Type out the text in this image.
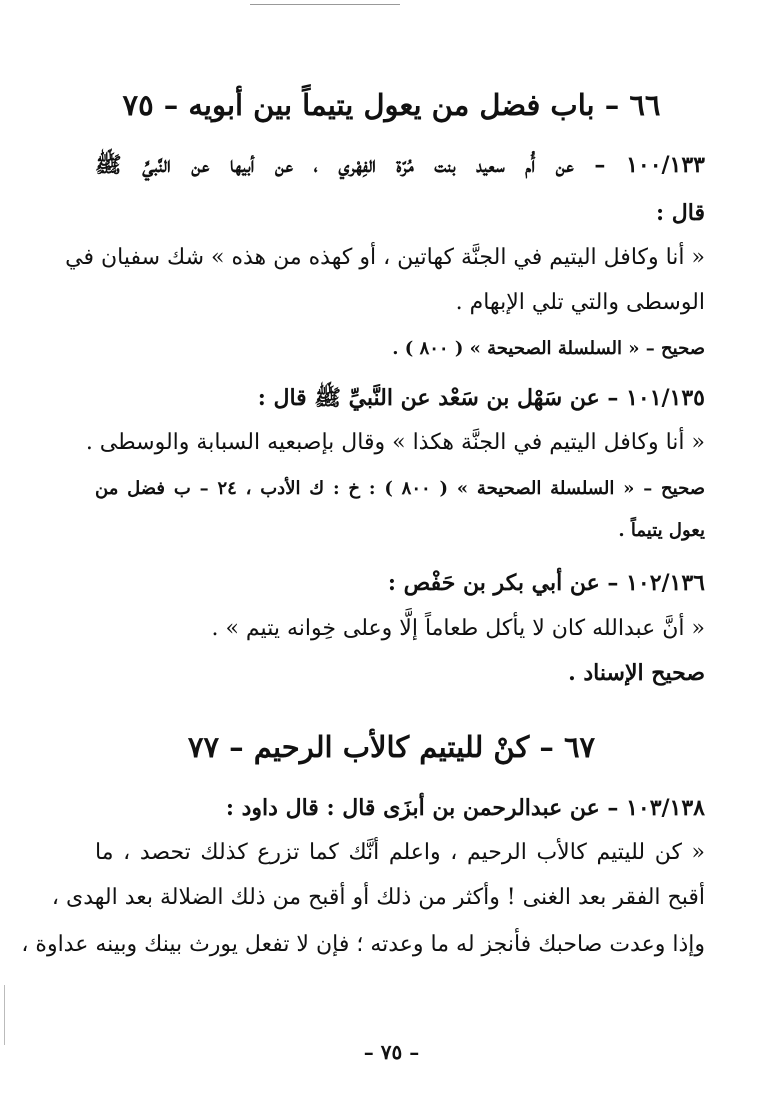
٦٦ – باب فضل من يعول يتيماً بين أبويه – ٧٥
١٠٠/١٣٣ – عن أُم سعيد بنت مُرّة الفِهْري ، عن أبيها عن النَّبيِّ ﷺ
قال :
« أنا وكافل اليتيم في الجنَّة كهاتين ، أو كهذه من هذه » شك سفيان في
الوسطى والتي تلي الإبهام .
صحيح – « السلسلة الصحيحة » ( ٨٠٠ ) .
١٠١/١٣٥ – عن سَهْل بن سَعْد عن النَّبيِّ ﷺ قال :
« أنا وكافل اليتيم في الجنَّة هكذا » وقال بإصبعيه السبابة والوسطى .
صحيح – « السلسلة الصحيحة » ( ٨٠٠ ) : خ : ك الأدب ، ٢٤ – ب فضل من
يعول يتيماً .
١٠٢/١٣٦ – عن أبي بكر بن حَفْص :
« أنَّ عبدالله كان لا يأكل طعاماً إلَّا وعلى خِوانه يتيم » .
صحيح الإسناد .
٦٧ – كنْ لليتيم كالأب الرحيم – ٧٧
١٠٣/١٣٨ – عن عبدالرحمن بن أبزَى قال : قال داود :
« كن لليتيم كالأب الرحيم ، واعلم أنَّك كما تزرع كذلك تحصد ، ما
أقبح الفقر بعد الغنى ! وأكثر من ذلك أو أقبح من ذلك الضلالة بعد الهدى ،
وإذا وعدت صاحبك فأنجز له ما وعدته ؛ فإن لا تفعل يورث بينك وبينه عداوة ،
– ٧٥ –
